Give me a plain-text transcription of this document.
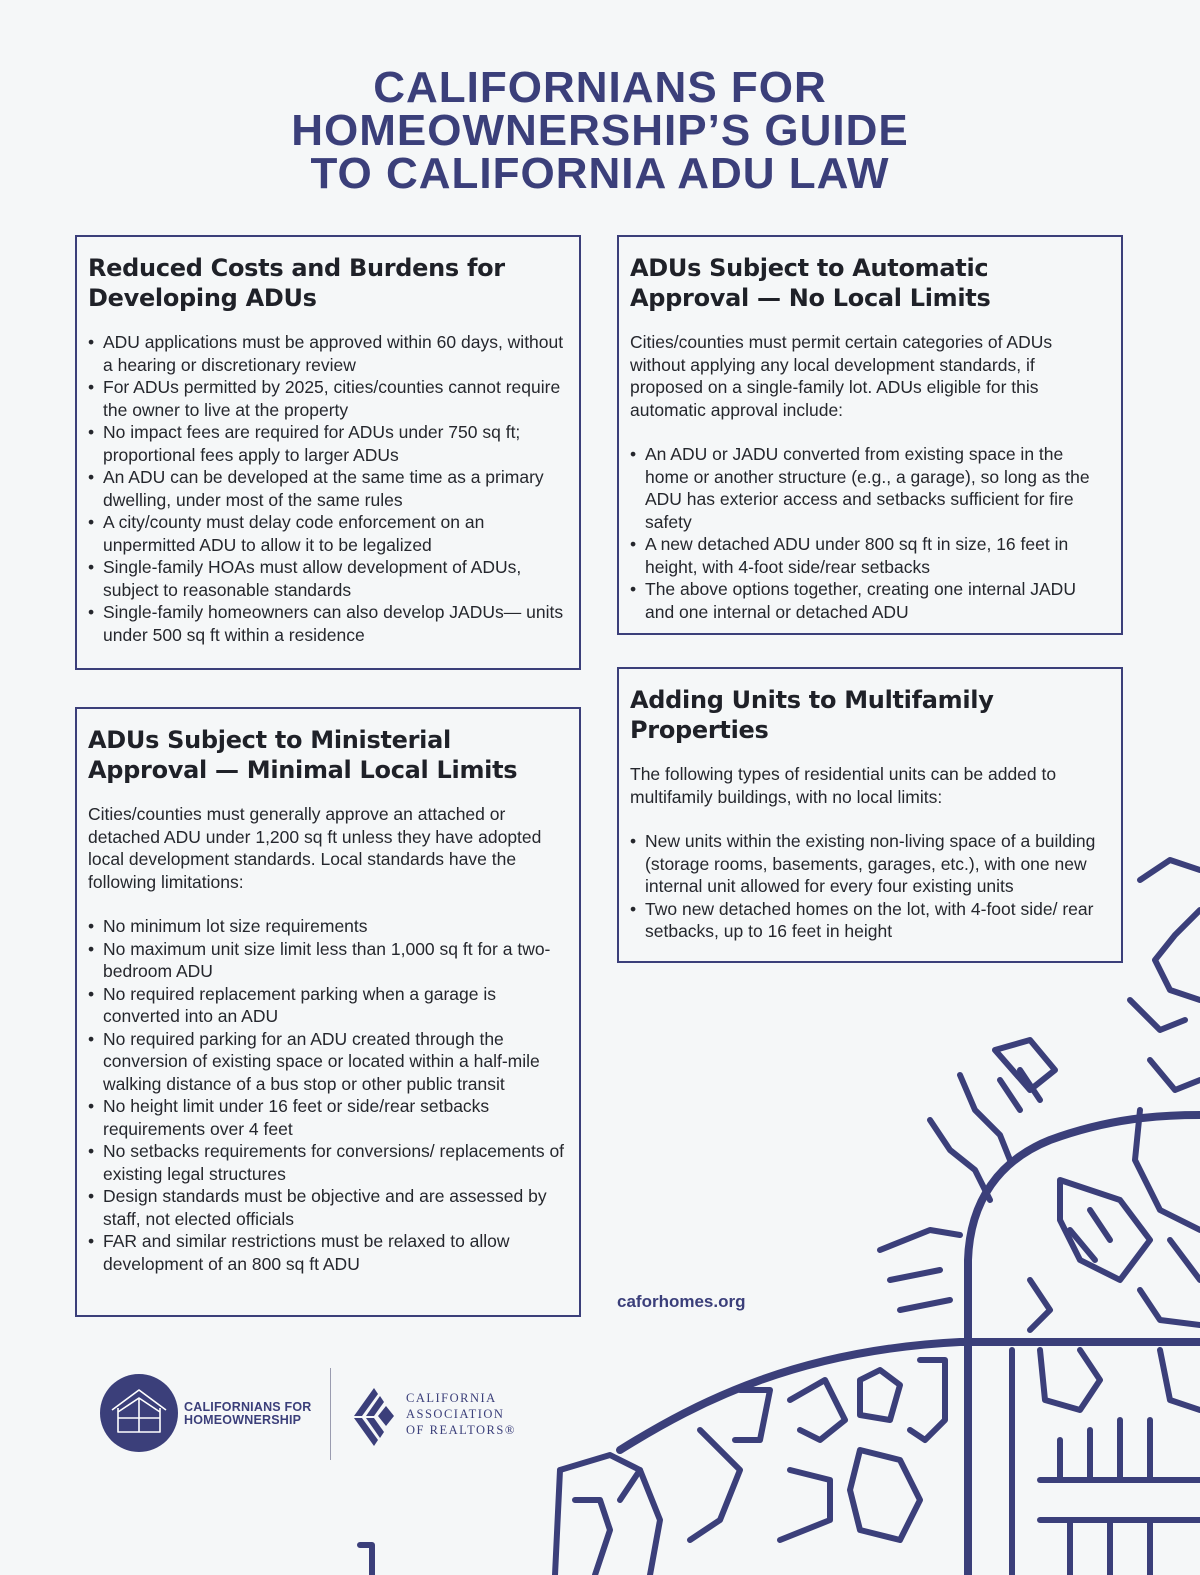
CALIFORNIANS FOR
HOMEOWNERSHIP’S GUIDE
TO CALIFORNIA ADU LAW
Reduced Costs and Burdens for Developing ADUs
• ADU applications must be approved within 60 days, without a hearing or discretionary review
• For ADUs permitted by 2025, cities/counties cannot require the owner to live at the property
• No impact fees are required for ADUs under 750 sq ft; proportional fees apply to larger ADUs
• An ADU can be developed at the same time as a primary dwelling, under most of the same rules
• A city/county must delay code enforcement on an unpermitted ADU to allow it to be legalized
• Single-family HOAs must allow development of ADUs, subject to reasonable standards
• Single-family homeowners can also develop JADUs— units under 500 sq ft within a residence
ADUs Subject to Automatic Approval — No Local Limits

Cities/counties must permit certain categories of ADUs without applying any local development standards, if proposed on a single-family lot. ADUs eligible for this automatic approval include:

• An ADU or JADU converted from existing space in the home or another structure (e.g., a garage), so long as the ADU has exterior access and setbacks sufficient for fire safety
• A new detached ADU under 800 sq ft in size, 16 feet in height, with 4-foot side/rear setbacks
• The above options together, creating one internal JADU and one internal or detached ADU
Adding Units to Multifamily Properties

The following types of residential units can be added to multifamily buildings, with no local limits:

• New units within the existing non-living space of a building (storage rooms, basements, garages, etc.), with one new internal unit allowed for every four existing units
• Two new detached homes on the lot, with 4-foot side/ rear setbacks, up to 16 feet in height
ADUs Subject to Ministerial Approval — Minimal Local Limits

Cities/counties must generally approve an attached or detached ADU under 1,200 sq ft unless they have adopted local development standards. Local standards have the following limitations:

• No minimum lot size requirements
• No maximum unit size limit less than 1,000 sq ft for a two-bedroom ADU
• No required replacement parking when a garage is converted into an ADU
• No required parking for an ADU created through the conversion of existing space or located within a half-mile walking distance of a bus stop or other public transit
• No height limit under 16 feet or side/rear setbacks requirements over 4 feet
• No setbacks requirements for conversions/ replacements of existing legal structures
• Design standards must be objective and are assessed by staff, not elected officials
• FAR and similar restrictions must be relaxed to allow development of an 800 sq ft ADU
caforhomes.org
CALIFORNIANS FOR
HOMEOWNERSHIP
CALIFORNIA
ASSOCIATION
OF REALTORS®
